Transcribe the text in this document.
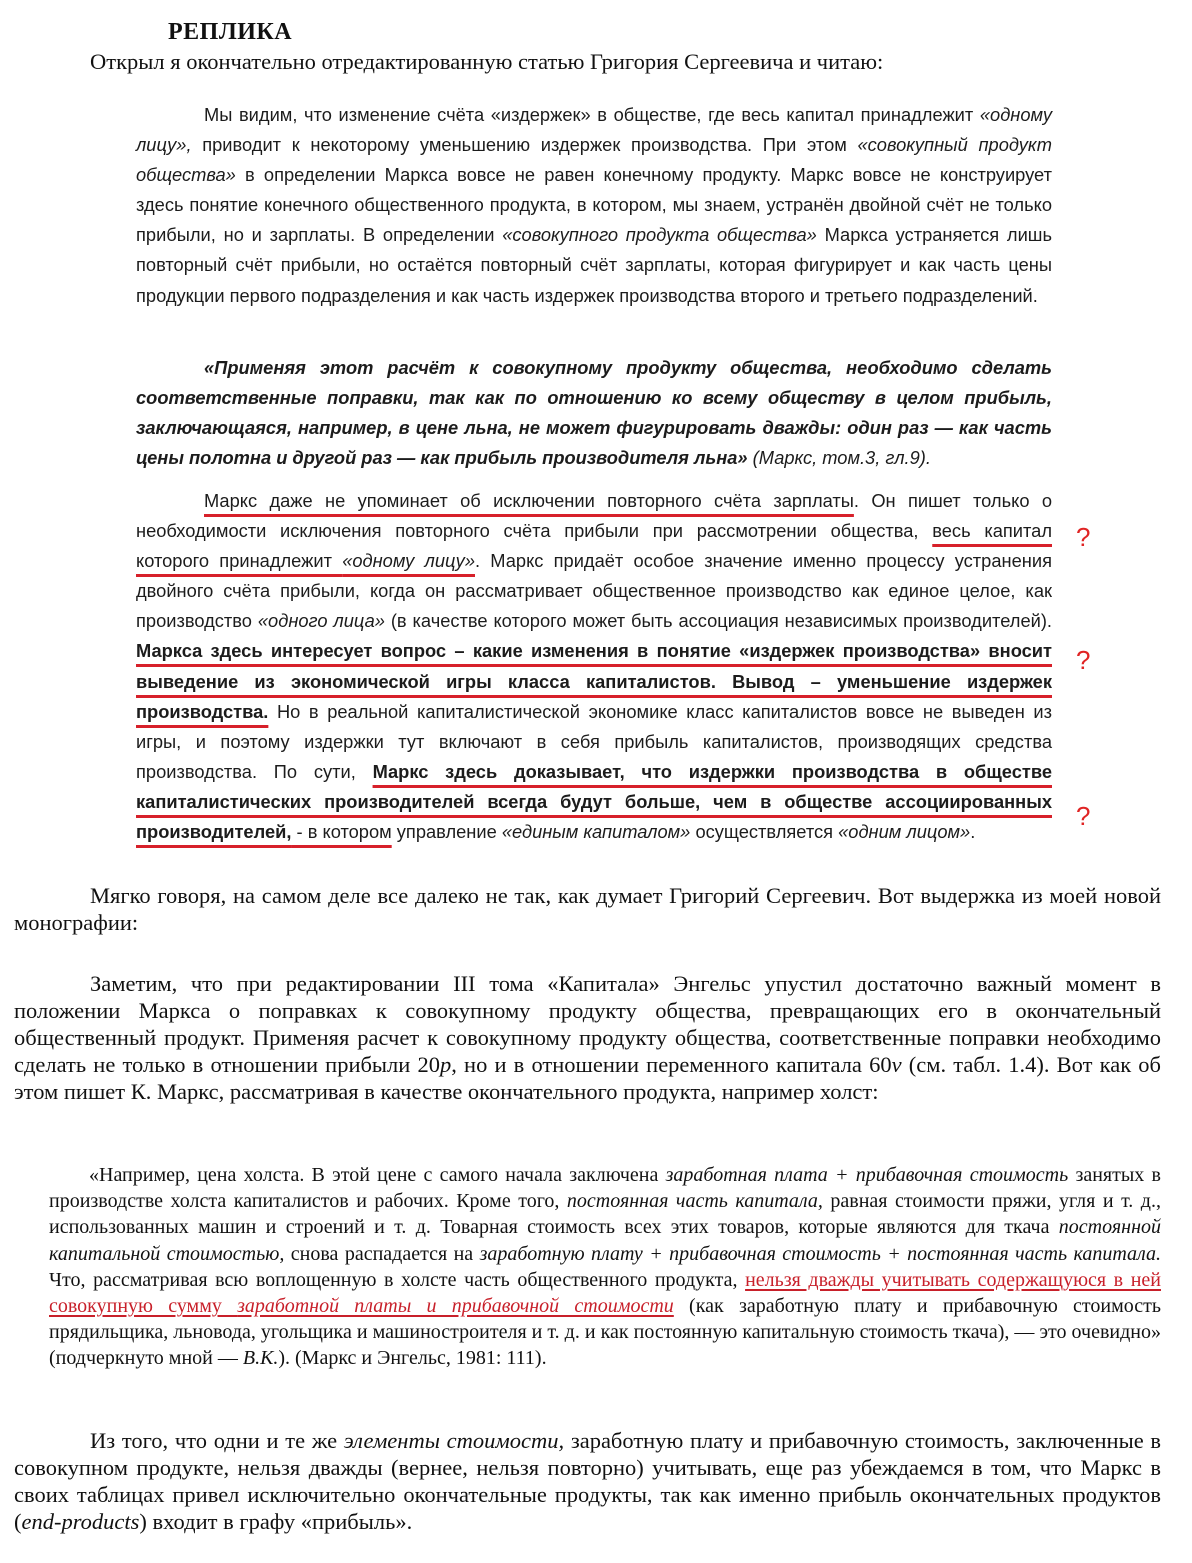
РЕПЛИКА
Открыл я окончательно отредактированную статью Григория Сергеевича и читаю:

Мы видим, что изменение счёта «издержек» в обществе, где весь капитал принадлежит «одному лицу», приводит к некоторому уменьшению издержек производства. При этом «совокупный продукт общества» в определении Маркса вовсе не равен конечному продукту. Маркс вовсе не конструирует здесь понятие конечного общественного продукта, в котором, мы знаем, устранён двойной счёт не только прибыли, но и зарплаты. В определении «совокупного продукта общества» Маркса устраняется лишь повторный счёт прибыли, но остаётся повторный счёт зарплаты, которая фигурирует и как часть цены продукции первого подразделения и как часть издержек производства второго и третьего подразделений.

«Применяя этот расчёт к совокупному продукту общества, необходимо сделать соответственные поправки, так как по отношению ко всему обществу в целом прибыль, заключающаяся, например, в цене льна, не может фигурировать дважды: один раз — как часть цены полотна и другой раз — как прибыль производителя льна» (Маркс, том.3, гл.9).

Маркс даже не упоминает об исключении повторного счёта зарплаты. Он пишет только о необходимости исключения повторного счёта прибыли при рассмотрении общества, весь капитал которого принадлежит «одному лицу». Маркс придаёт особое значение именно процессу устранения двойного счёта прибыли, когда он рассматривает общественное производство как единое целое, как производство «одного лица» (в качестве которого может быть ассоциация независимых производителей). Маркса здесь интересует вопрос – какие изменения в понятие «издержек производства» вносит выведение из экономической игры класса капиталистов. Вывод – уменьшение издержек производства. Но в реальной капиталистической экономике класс капиталистов вовсе не выведен из игры, и поэтому издержки тут включают в себя прибыль капиталистов, производящих средства производства. По сути, Маркс здесь доказывает, что издержки производства в обществе капиталистических производителей всегда будут больше, чем в обществе ассоциированных производителей, - в котором управление «единым капиталом» осуществляется «одним лицом».

?
?
?

Мягко говоря, на самом деле все далеко не так, как думает Григорий Сергеевич. Вот выдержка из моей новой монографии:

Заметим, что при редактировании III тома «Капитала» Энгельс упустил достаточно важный момент в положении Маркса о поправках к совокупному продукту общества, превращающих его в окончательный общественный продукт. Применяя расчет к совокупному продукту общества, соответственные поправки необходимо сделать не только в отношении прибыли 20p, но и в отношении переменного капитала 60v (см. табл. 1.4). Вот как об этом пишет К. Маркс, рассматривая в качестве окончательного продукта, например холст:

«Например, цена холста. В этой цене с самого начала заключена заработная плата + прибавочная стоимость занятых в производстве холста капиталистов и рабочих. Кроме того, постоянная часть капитала, равная стоимости пряжи, угля и т. д., использованных машин и строений и т. д. Товарная стоимость всех этих товаров, которые являются для ткача постоянной капитальной стоимостью, снова распадается на заработную плату + прибавочная стоимость + постоянная часть капитала. Что, рассматривая всю воплощенную в холсте часть общественного продукта, нельзя дважды учитывать содержащуюся в ней совокупную сумму заработной платы и прибавочной стоимости (как заработную плату и прибавочную стоимость прядильщика, льновода, угольщика и машиностроителя и т. д. и как постоянную капитальную стоимость ткача), — это очевидно» (подчеркнуто мной — В.К.). (Маркс и Энгельс, 1981: 111).

Из того, что одни и те же элементы стоимости, заработную плату и прибавочную стоимость, заключенные в совокупном продукте, нельзя дважды (вернее, нельзя повторно) учитывать, еще раз убеждаемся в том, что Маркс в своих таблицах привел исключительно окончательные продукты, так как именно прибыль окончательных продуктов (end-products) входит в графу «прибыль».
